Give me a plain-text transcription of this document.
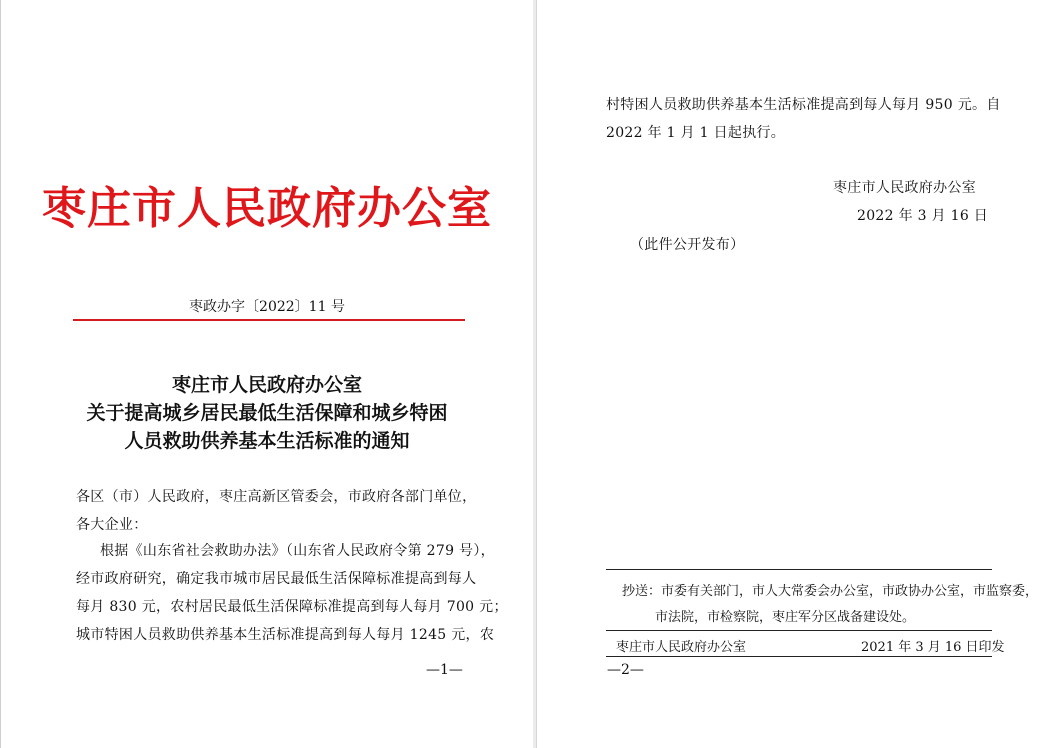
枣庄市人民政府办公室
枣政办字〔2022〕11 号
枣庄市人民政府办公室
关于提高城乡居民最低生活保障和城乡特困
人员救助供养基本生活标准的通知
各区（市）人民政府，枣庄高新区管委会，市政府各部门单位，
各大企业：
根据《山东省社会救助办法》（山东省人民政府令第 279 号），
经市政府研究，确定我市城市居民最低生活保障标准提高到每人
每月 830 元，农村居民最低生活保障标准提高到每人每月 700 元；
城市特困人员救助供养基本生活标准提高到每人每月 1245 元，农
—1—
村特困人员救助供养基本生活标准提高到每人每月 950 元。自
2022 年 1 月 1 日起执行。
枣庄市人民政府办公室
2022 年 3 月 16 日
（此件公开发布）
抄送：市委有关部门，市人大常委会办公室，市政协办公室，市监察委，
市法院，市检察院，枣庄军分区战备建设处。
枣庄市人民政府办公室	2021 年 3 月 16 日印发
—2—
